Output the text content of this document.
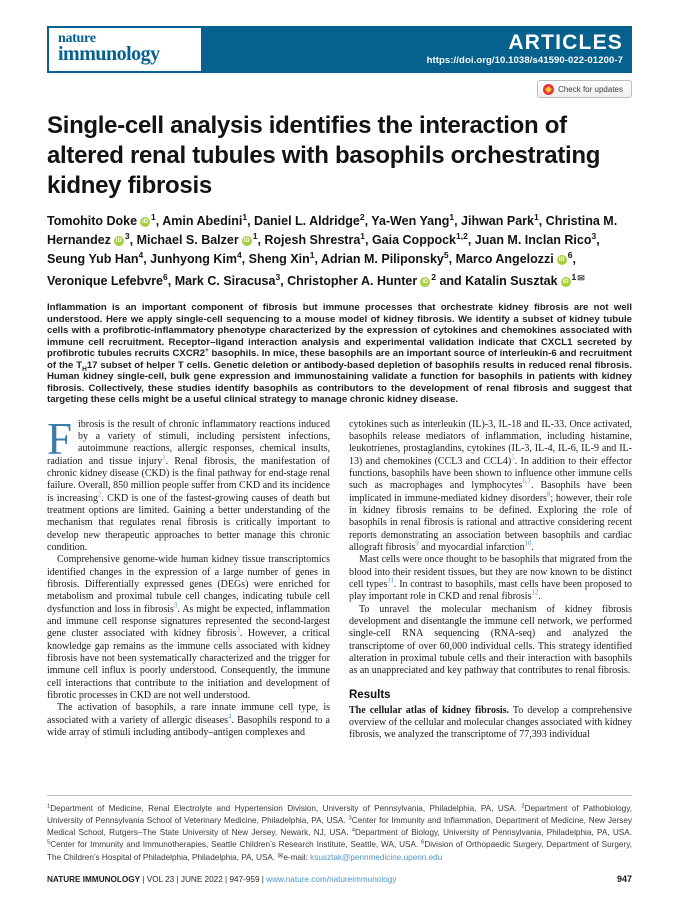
nature
immunology	ARTICLES
https://doi.org/10.1038/s41590-022-01200-7
Check for updates
Single-cell analysis identifies the interaction of
altered renal tubules with basophils orchestrating
kidney fibrosis
Tomohito Doke $iD^1$, Amin Abedini$^1$, Daniel L. Aldridge$^2$, Ya-Wen Yang$^1$, Jihwan Park$^1$, Christina M. Hernandez $iD^3$, Michael S. Balzer $iD^1$, Rojesh Shrestra$^1$, Gaia Coppock$^{1,2}$, Juan M. Inclan Rico$^3$, Seung Yub Han$^4$, Junhyong Kim$^4$, Sheng Xin$^1$, Adrian M. Piliponsky$^5$, Marco Angelozzi $iD^6$, Veronique Lefebvre$^6$, Mark C. Siracusa$^3$, Christopher A. Hunter $iD^2$ and Katalin Susztak $iD^{1✉}$
Inflammation is an important component of fibrosis but immune processes that orchestrate kidney fibrosis are not well understood. Here we apply single-cell sequencing to a mouse model of kidney fibrosis. We identify a subset of kidney tubule cells with a profibrotic-inflammatory phenotype characterized by the expression of cytokines and chemokines associated with immune cell recruitment. Receptor–ligand interaction analysis and experimental validation indicate that CXCL1 secreted by profibrotic tubules recruits CXCR2+ basophils. In mice, these basophils are an important source of interleukin-6 and recruitment of the $T_H17$ subset of helper T cells. Genetic deletion or antibody-based depletion of basophils results in reduced renal fibrosis. Human kidney single-cell, bulk gene expression and immunostaining validate a function for basophils in patients with kidney fibrosis. Collectively, these studies identify basophils as contributors to the development of renal fibrosis and suggest that targeting these cells might be a useful clinical strategy to manage chronic kidney disease.

Fibrosis is the result of chronic inflammatory reactions induced by a variety of stimuli, including persistent infections, autoimmune reactions, allergic responses, chemical insults, radiation and tissue injury$^1$. Renal fibrosis, the manifestation of chronic kidney disease (CKD) is the final pathway for end-stage renal failure. Overall, 850 million people suffer from CKD and its incidence is increasing$^2$. CKD is one of the fastest-growing causes of death but treatment options are limited. Gaining a better understanding of the mechanism that regulates renal fibrosis is critically important to develop new therapeutic approaches to better manage this chronic condition.

Comprehensive genome-wide human kidney tissue transcriptomics identified changes in the expression of a large number of genes in fibrosis. Differentially expressed genes (DEGs) were enriched for metabolism and proximal tubule cell changes, indicating tubule cell dysfunction and loss in fibrosis$^3$. As might be expected, inflammation and immune cell response signatures represented the second-largest gene cluster associated with kidney fibrosis$^3$. However, a critical knowledge gap remains as the immune cells associated with kidney fibrosis have not been systematically characterized and the trigger for immune cell influx is poorly understood. Consequently, the immune cell interactions that contribute to the initiation and development of fibrotic processes in CKD are not well understood.

The activation of basophils, a rare innate immune cell type, is associated with a variety of allergic diseases$^4$. Basophils respond to a wide array of stimuli including antibody–antigen complexes and

cytokines such as interleukin (IL)-3, IL-18 and IL-33. Once activated, basophils release mediators of inflammation, including histamine, leukotrienes, prostaglandins, cytokines (IL-3, IL-4, IL-6, IL-9 and IL-13) and chemokines (CCL3 and CCL4)$^5$. In addition to their effector functions, basophils have been shown to influence other immune cells such as macrophages and lymphocytes$^{6,7}$. Basophils have been implicated in immune-mediated kidney disorders$^8$; however, their role in kidney fibrosis remains to be defined. Exploring the role of basophils in renal fibrosis is rational and attractive considering recent reports demonstrating an association between basophils and cardiac allograft fibrosis$^9$ and myocardial infarction$^{10}$.

Mast cells were once thought to be basophils that migrated from the blood into their resident tissues, but they are now known to be distinct cell types$^{11}$. In contrast to basophils, mast cells have been proposed to play important role in CKD and renal fibrosis$^{12}$.

To unravel the molecular mechanism of kidney fibrosis development and disentangle the immune cell network, we performed single-cell RNA sequencing (RNA-seq) and analyzed the transcriptome of over 60,000 individual cells. This strategy identified alteration in proximal tubule cells and their interaction with basophils as an unappreciated and key pathway that contributes to renal fibrosis.

Results

The cellular atlas of kidney fibrosis. To develop a comprehensive overview of the cellular and molecular changes associated with kidney fibrosis, we analyzed the transcriptome of 77,393 individual

$^1$Department of Medicine, Renal Electrolyte and Hypertension Division, University of Pennsylvania, Philadelphia, PA, USA. $^2$Department of Pathobiology, University of Pennsylvania School of Veterinary Medicine, Philadelphia, PA, USA. $^3$Center for Immunity and Inflammation, Department of Medicine, New Jersey Medical School, Rutgers–The State University of New Jersey, Newark, NJ, USA. $^4$Department of Biology, University of Pennsylvania, Philadelphia, PA, USA. $^5$Center for Immunity and Immunotherapies, Seattle Children’s Research Institute, Seattle, WA, USA. $^6$Division of Orthopaedic Surgery, Department of Surgery, The Children’s Hospital of Philadelphia, Philadelphia, PA, USA. ✉e-mail: ksusztak@pennmedicine.upenn.edu
NATURE IMMUNOLOGY | VOL 23 | JUNE 2022 | 947-959 | www.nature.com/natureimmunology	947
